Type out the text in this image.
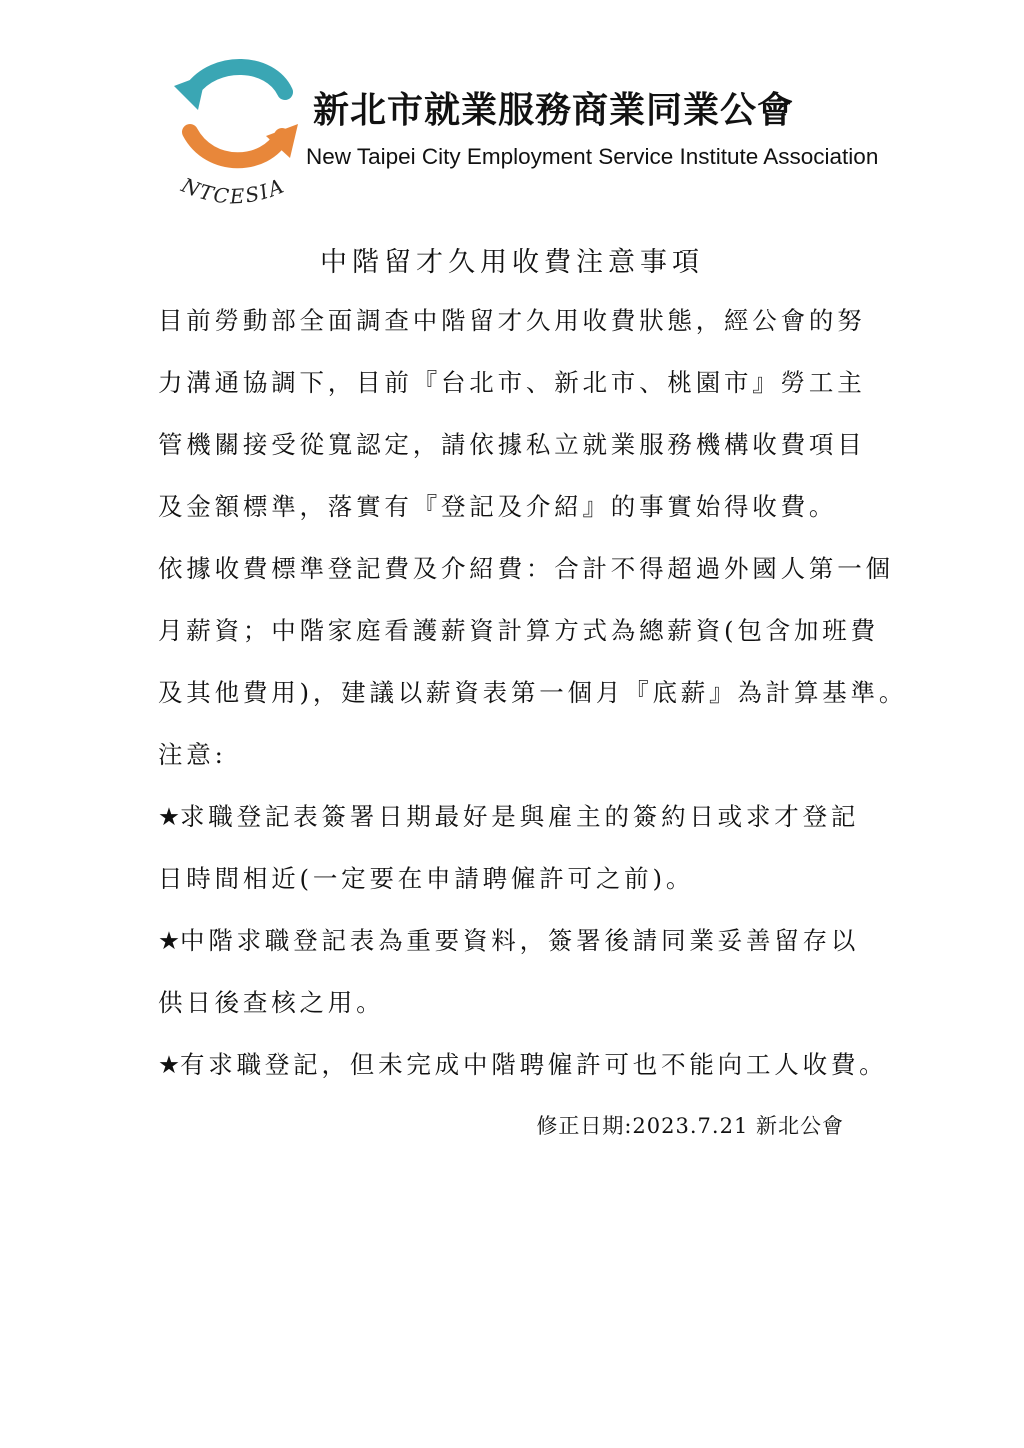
NTCESIA
新北市就業服務商業同業公會
New Taipei City Employment Service Institute Association
中階留才久用收費注意事項
目前勞動部全面調查中階留才久用收費狀態，經公會的努
力溝通協調下，目前『台北市、新北市、桃園市』勞工主
管機關接受從寬認定，請依據私立就業服務機構收費項目
及金額標準，落實有『登記及介紹』的事實始得收費。
依據收費標準登記費及介紹費：合計不得超過外國人第一個
月薪資；中階家庭看護薪資計算方式為總薪資(包含加班費
及其他費用)，建議以薪資表第一個月『底薪』為計算基準。
注意:
★求職登記表簽署日期最好是與雇主的簽約日或求才登記
日時間相近(一定要在申請聘僱許可之前)。
★中階求職登記表為重要資料，簽署後請同業妥善留存以
供日後查核之用。
★有求職登記，但未完成中階聘僱許可也不能向工人收費。
修正日期:2023.7.21 新北公會
